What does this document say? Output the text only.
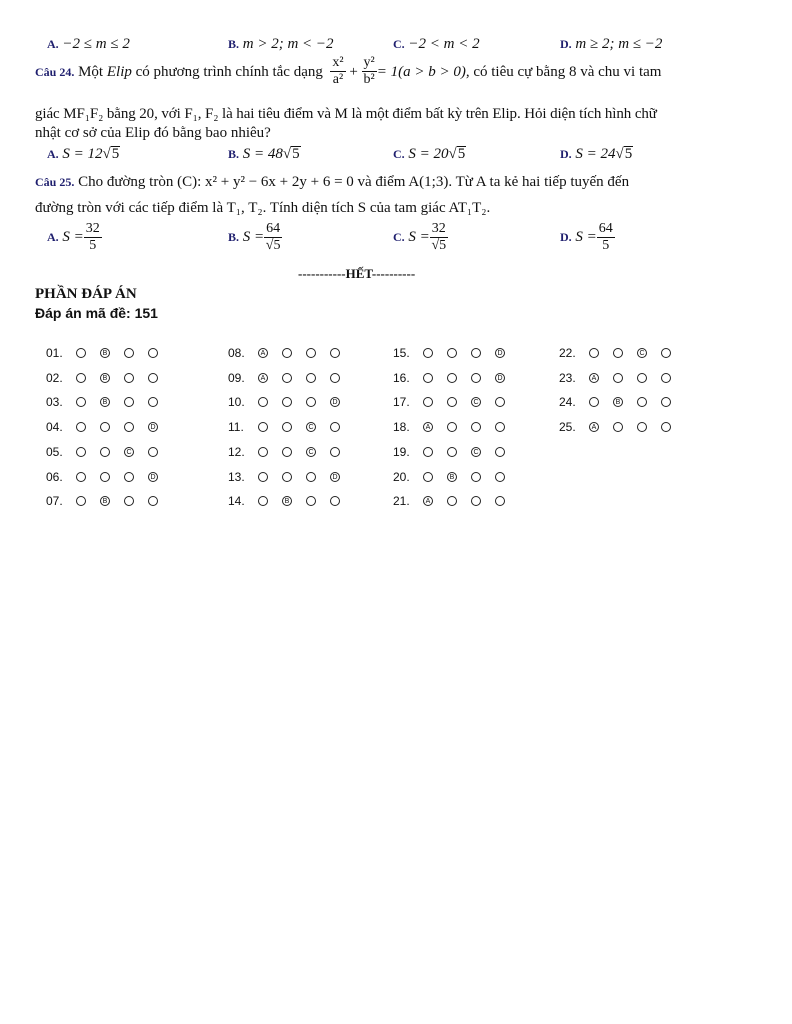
A. −2 ≤ m ≤ 2	B. m > 2; m < −2	C. −2 < m < 2	D. m ≥ 2; m ≤ −2
Câu 24.
Một
Elip
có phương trình chính tắc dạng
$\frac{\text{x²}}{\text{a²}} + \frac{\text{y²}}{\text{b²}} = 1(a > b > 0)$ , có tiêu cự bằng 8 và chu vi tam
giác MF₁F₂ bằng 20, với F₁, F₂ là hai tiêu điểm và M là một điểm bất kỳ trên Elip. Hỏi diện tích hình chữ
nhật cơ sở của Elip đó bằng bao nhiêu?
A. S = 12√5	B. S = 48√5	C. S = 20√5	D. S = 24√5
Câu 25. Cho đường tròn (C): x² + y² − 6x + 2y + 6 = 0 và điểm A(1;3). Từ A ta kẻ hai tiếp tuyến đến
đường tròn với các tiếp điểm là T₁, T₂. Tính diện tích S của tam giác AT₁T₂.
A.
$S = \frac{32}{5}$	B.
$S = \frac{64}{√5}$	C.
$S = \frac{32}{√5}$	D.
$S = \frac{64}{5}$
-----------HẾT----------
PHẦN ĐÁP ÁN
Đáp án mã đề: 151
01.	B
02.	B
03.	B
04.	D
05.	C
06.	D
07.	B
08.	A
09.	A
10.	D
11.	C
12.	C
13.	D
14.	B
15.	D
16.	D
17.	C
18.	A
19.	C
20.	B
21.	A
22.	C
23.	A
24.	B
25.	A
